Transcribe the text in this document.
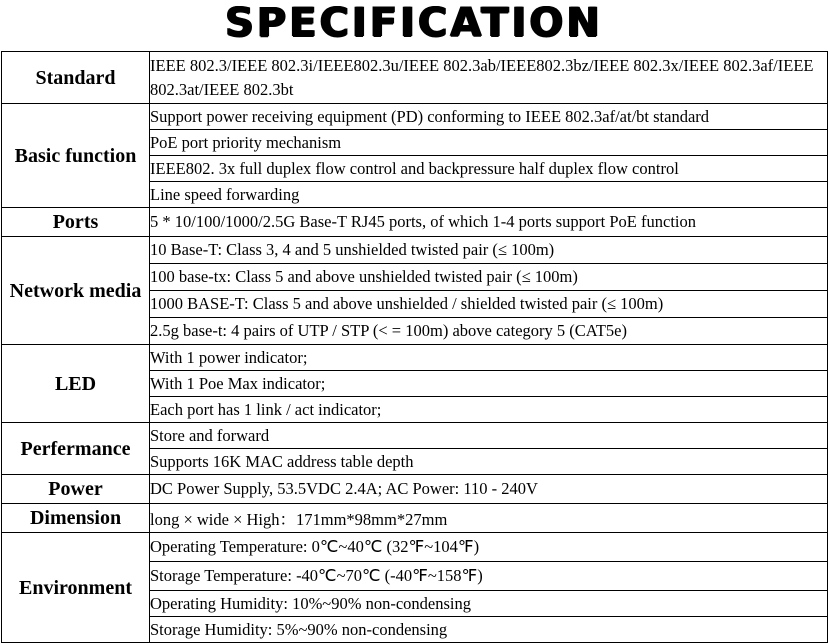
SPECIFICATION
Standard	IEEE 802.3/IEEE 802.3i/IEEE802.3u/IEEE 802.3ab/IEEE802.3bz/IEEE 802.3x/IEEE 802.3af/IEEE 802.3at/IEEE 802.3bt
Basic function	Support power receiving equipment (PD) conforming to IEEE 802.3af/at/bt standard
	PoE port priority mechanism
	IEEE802. 3x full duplex flow control and backpressure half duplex flow control
	Line speed forwarding
Ports	5 * 10/100/1000/2.5G Base-T RJ45 ports, of which 1-4 ports support PoE function
Network media	10 Base-T: Class 3, 4 and 5 unshielded twisted pair (≤ 100m)
	100 base-tx: Class 5 and above unshielded twisted pair (≤ 100m)
	1000 BASE-T: Class 5 and above unshielded / shielded twisted pair (≤ 100m)
	2.5g base-t: 4 pairs of UTP / STP (< = 100m) above category 5 (CAT5e)
LED	With 1 power indicator;
	With 1 Poe Max indicator;
	Each port has 1 link / act indicator;
Perfermance	Store and forward
	Supports 16K MAC address table depth
Power	DC Power Supply, 53.5VDC 2.4A; AC Power: 110 - 240V
Dimension	long × wide × High：171mm*98mm*27mm
Environment	Operating Temperature: 0℃~40℃ (32℉~104℉)
	Storage Temperature: -40℃~70℃ (-40℉~158℉)
	Operating Humidity: 10%~90% non-condensing
	Storage Humidity: 5%~90% non-condensing
